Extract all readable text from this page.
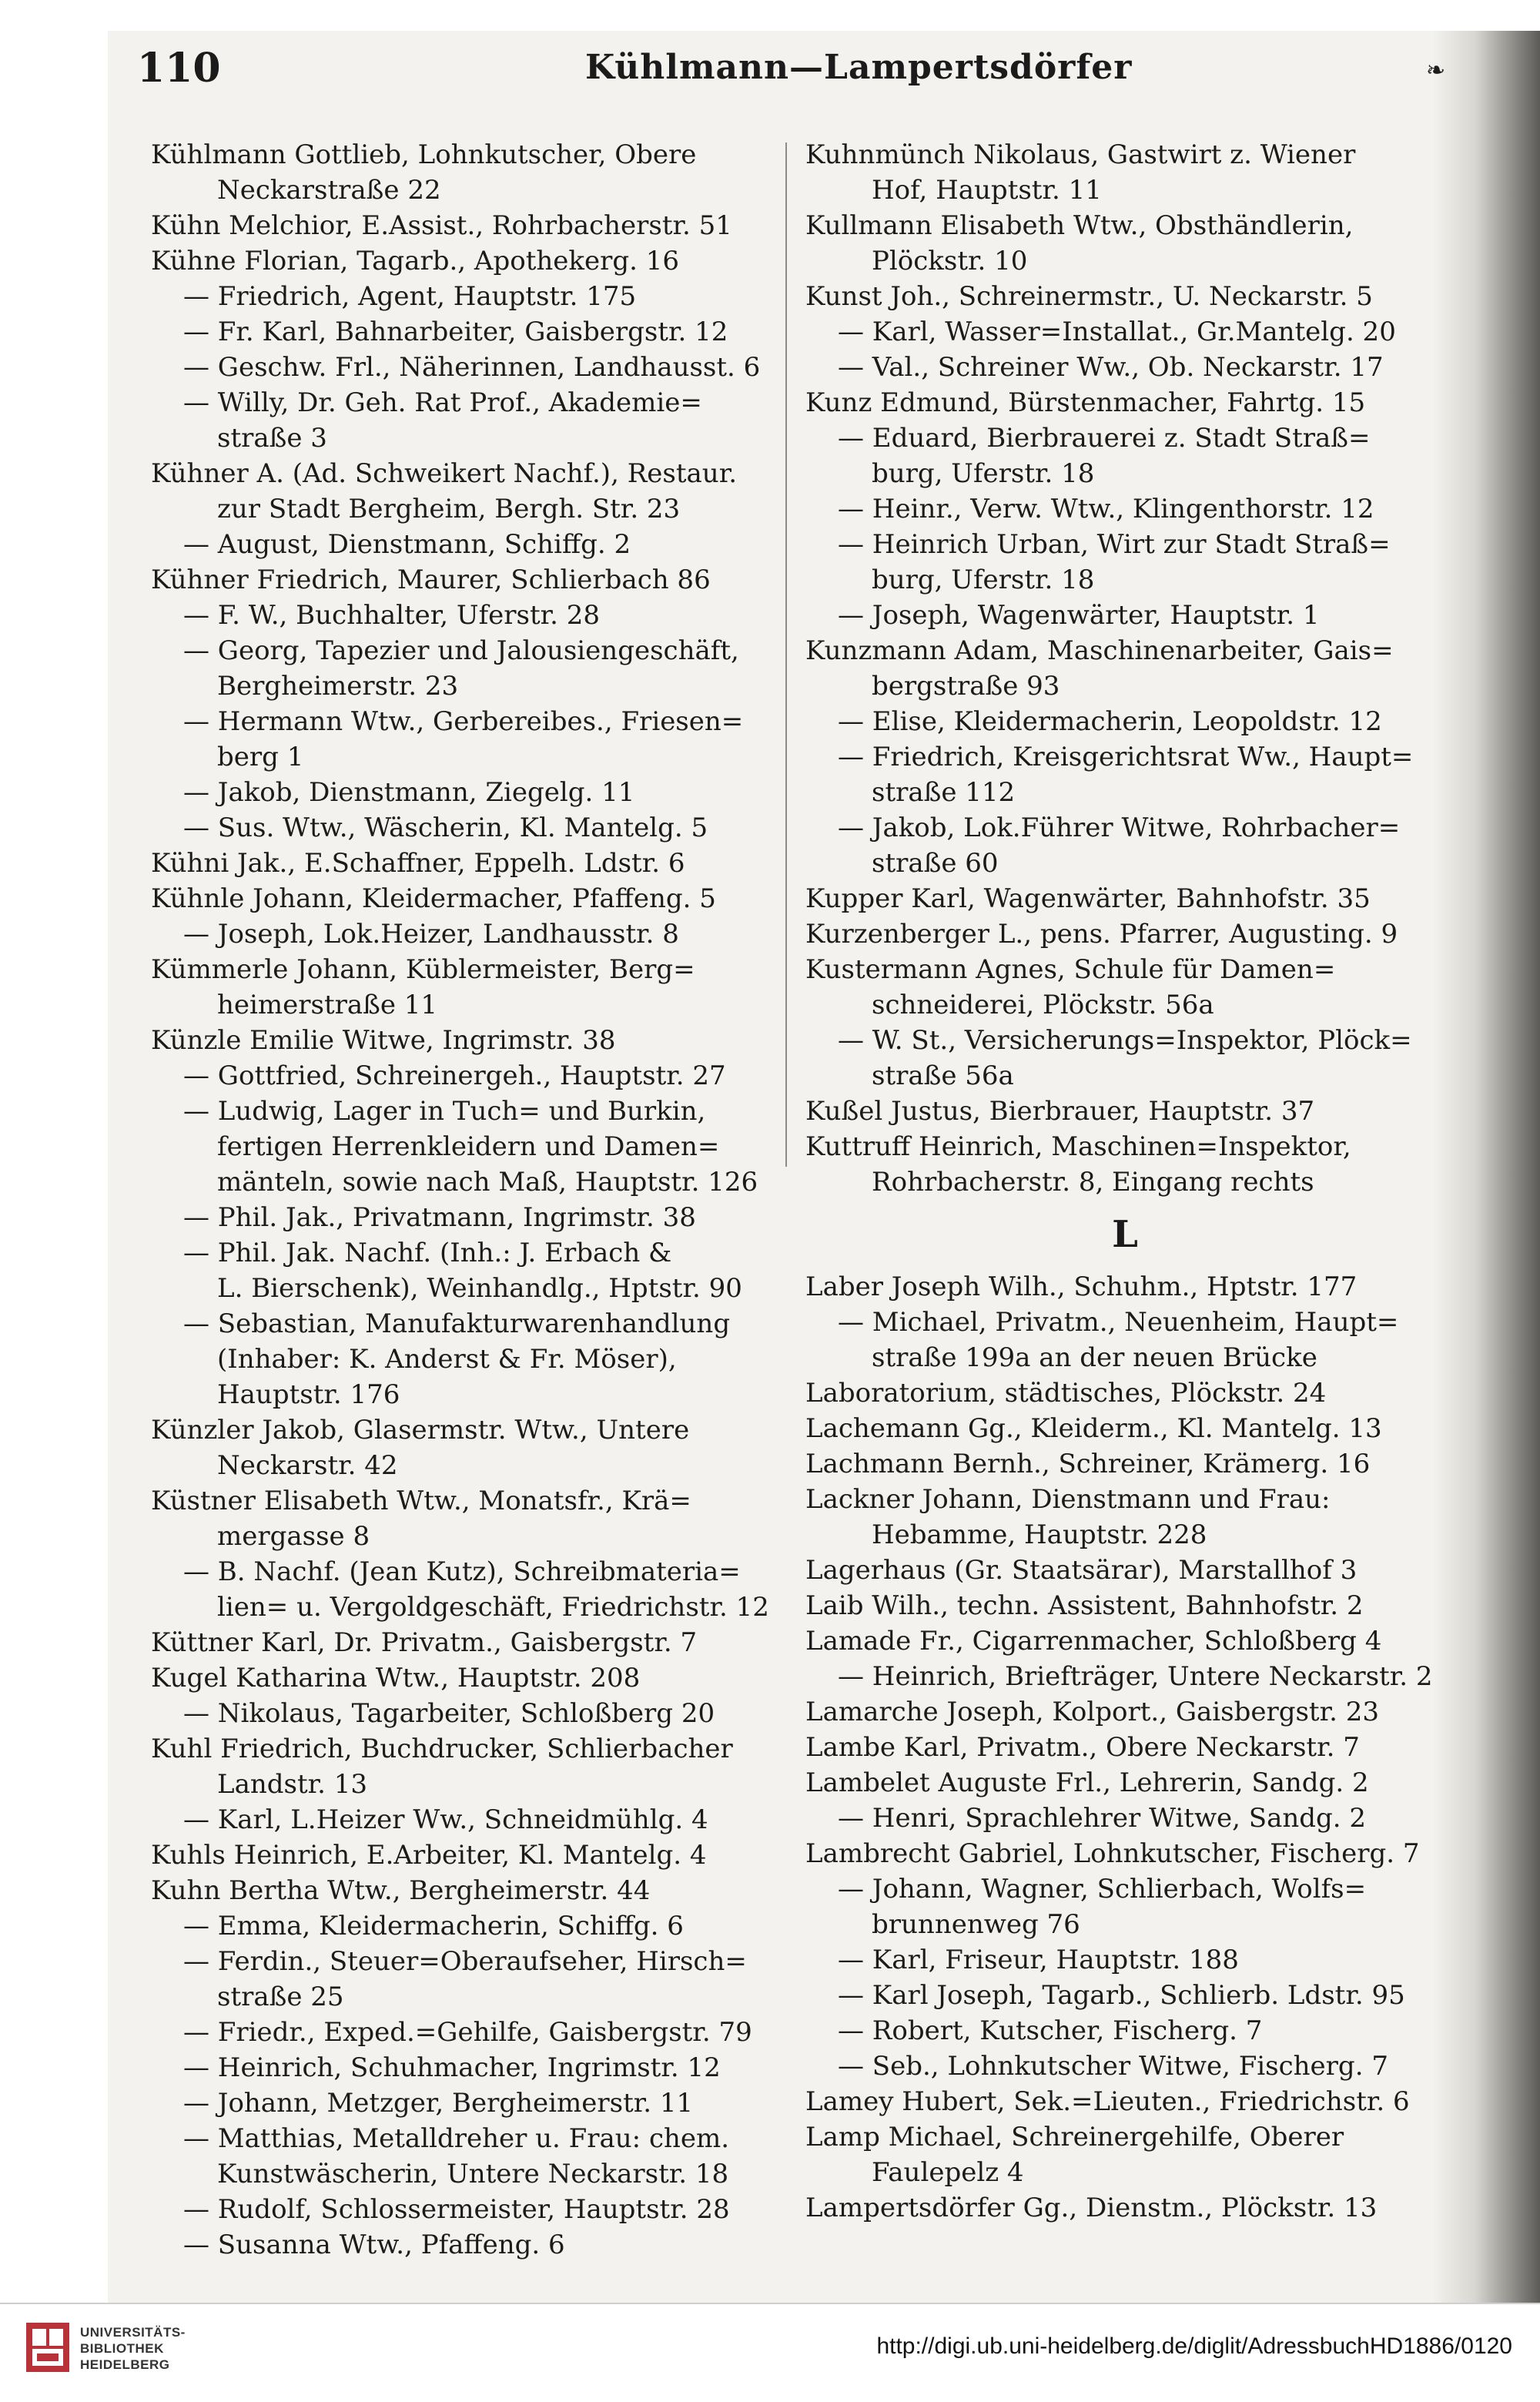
110	Kühlmann—Lampertsdörfer	❧
Kühlmann Gottlieb, Lohnkutscher, Obere
Neckarstraße 22
Kühn Melchior, E.Assist., Rohrbacherstr. 51
Kühne Florian, Tagarb., Apothekerg. 16
— Friedrich, Agent, Hauptstr. 175
— Fr. Karl, Bahnarbeiter, Gaisbergstr. 12
— Geschw. Frl., Näherinnen, Landhausst. 6
— Willy, Dr. Geh. Rat Prof., Akademie=
straße 3
Kühner A. (Ad. Schweikert Nachf.), Restaur.
zur Stadt Bergheim, Bergh. Str. 23
— August, Dienstmann, Schiffg. 2
Kühner Friedrich, Maurer, Schlierbach 86
— F. W., Buchhalter, Uferstr. 28
— Georg, Tapezier und Jalousiengeschäft,
Bergheimerstr. 23
— Hermann Wtw., Gerbereibes., Friesen=
berg 1
— Jakob, Dienstmann, Ziegelg. 11
— Sus. Wtw., Wäscherin, Kl. Mantelg. 5
Kühni Jak., E.Schaffner, Eppelh. Ldstr. 6
Kühnle Johann, Kleidermacher, Pfaffeng. 5
— Joseph, Lok.Heizer, Landhausstr. 8
Kümmerle Johann, Küblermeister, Berg=
heimerstraße 11
Künzle Emilie Witwe, Ingrimstr. 38
— Gottfried, Schreinergeh., Hauptstr. 27
— Ludwig, Lager in Tuch= und Burkin,
fertigen Herrenkleidern und Damen=
mänteln, sowie nach Maß, Hauptstr. 126
— Phil. Jak., Privatmann, Ingrimstr. 38
— Phil. Jak. Nachf. (Inh.: J. Erbach &
L. Bierschenk), Weinhandlg., Hptstr. 90
— Sebastian, Manufakturwarenhandlung
(Inhaber: K. Anderst & Fr. Möser),
Hauptstr. 176
Künzler Jakob, Glasermstr. Wtw., Untere
Neckarstr. 42
Küstner Elisabeth Wtw., Monatsfr., Krä=
mergasse 8
— B. Nachf. (Jean Kutz), Schreibmateria=
lien= u. Vergoldgeschäft, Friedrichstr. 12
Küttner Karl, Dr. Privatm., Gaisbergstr. 7
Kugel Katharina Wtw., Hauptstr. 208
— Nikolaus, Tagarbeiter, Schloßberg 20
Kuhl Friedrich, Buchdrucker, Schlierbacher
Landstr. 13
— Karl, L.Heizer Ww., Schneidmühlg. 4
Kuhls Heinrich, E.Arbeiter, Kl. Mantelg. 4
Kuhn Bertha Wtw., Bergheimerstr. 44
— Emma, Kleidermacherin, Schiffg. 6
— Ferdin., Steuer=Oberaufseher, Hirsch=
straße 25
— Friedr., Exped.=Gehilfe, Gaisbergstr. 79
— Heinrich, Schuhmacher, Ingrimstr. 12
— Johann, Metzger, Bergheimerstr. 11
— Matthias, Metalldreher u. Frau: chem.
Kunstwäscherin, Untere Neckarstr. 18
— Rudolf, Schlossermeister, Hauptstr. 28
— Susanna Wtw., Pfaffeng. 6
Kuhnmünch Nikolaus, Gastwirt z. Wiener
Hof, Hauptstr. 11
Kullmann Elisabeth Wtw., Obsthändlerin,
Plöckstr. 10
Kunst Joh., Schreinermstr., U. Neckarstr. 5
— Karl, Wasser=Installat., Gr.Mantelg. 20
— Val., Schreiner Ww., Ob. Neckarstr. 17
Kunz Edmund, Bürstenmacher, Fahrtg. 15
— Eduard, Bierbrauerei z. Stadt Straß=
burg, Uferstr. 18
— Heinr., Verw. Wtw., Klingenthorstr. 12
— Heinrich Urban, Wirt zur Stadt Straß=
burg, Uferstr. 18
— Joseph, Wagenwärter, Hauptstr. 1
Kunzmann Adam, Maschinenarbeiter, Gais=
bergstraße 93
— Elise, Kleidermacherin, Leopoldstr. 12
— Friedrich, Kreisgerichtsrat Ww., Haupt=
straße 112
— Jakob, Lok.Führer Witwe, Rohrbacher=
straße 60
Kupper Karl, Wagenwärter, Bahnhofstr. 35
Kurzenberger L., pens. Pfarrer, Augusting. 9
Kustermann Agnes, Schule für Damen=
schneiderei, Plöckstr. 56a
— W. St., Versicherungs=Inspektor, Plöck=
straße 56a
Kußel Justus, Bierbrauer, Hauptstr. 37
Kuttruff Heinrich, Maschinen=Inspektor,
Rohrbacherstr. 8, Eingang rechts
L
Laber Joseph Wilh., Schuhm., Hptstr. 177
— Michael, Privatm., Neuenheim, Haupt=
straße 199a an der neuen Brücke
Laboratorium, städtisches, Plöckstr. 24
Lachemann Gg., Kleiderm., Kl. Mantelg. 13
Lachmann Bernh., Schreiner, Krämerg. 16
Lackner Johann, Dienstmann und Frau:
Hebamme, Hauptstr. 228
Lagerhaus (Gr. Staatsärar), Marstallhof 3
Laib Wilh., techn. Assistent, Bahnhofstr. 2
Lamade Fr., Cigarrenmacher, Schloßberg 4
— Heinrich, Briefträger, Untere Neckarstr. 2
Lamarche Joseph, Kolport., Gaisbergstr. 23
Lambe Karl, Privatm., Obere Neckarstr. 7
Lambelet Auguste Frl., Lehrerin, Sandg. 2
— Henri, Sprachlehrer Witwe, Sandg. 2
Lambrecht Gabriel, Lohnkutscher, Fischerg. 7
— Johann, Wagner, Schlierbach, Wolfs=
brunnenweg 76
— Karl, Friseur, Hauptstr. 188
— Karl Joseph, Tagarb., Schlierb. Ldstr. 95
— Robert, Kutscher, Fischerg. 7
— Seb., Lohnkutscher Witwe, Fischerg. 7
Lamey Hubert, Sek.=Lieuten., Friedrichstr. 6
Lamp Michael, Schreinergehilfe, Oberer
Faulepelz 4
Lampertsdörfer Gg., Dienstm., Plöckstr. 13
UNIVERSITÄTS-
BIBLIOTHEK
HEIDELBERG
http://digi.ub.uni-heidelberg.de/diglit/AdressbuchHD1886/0120
